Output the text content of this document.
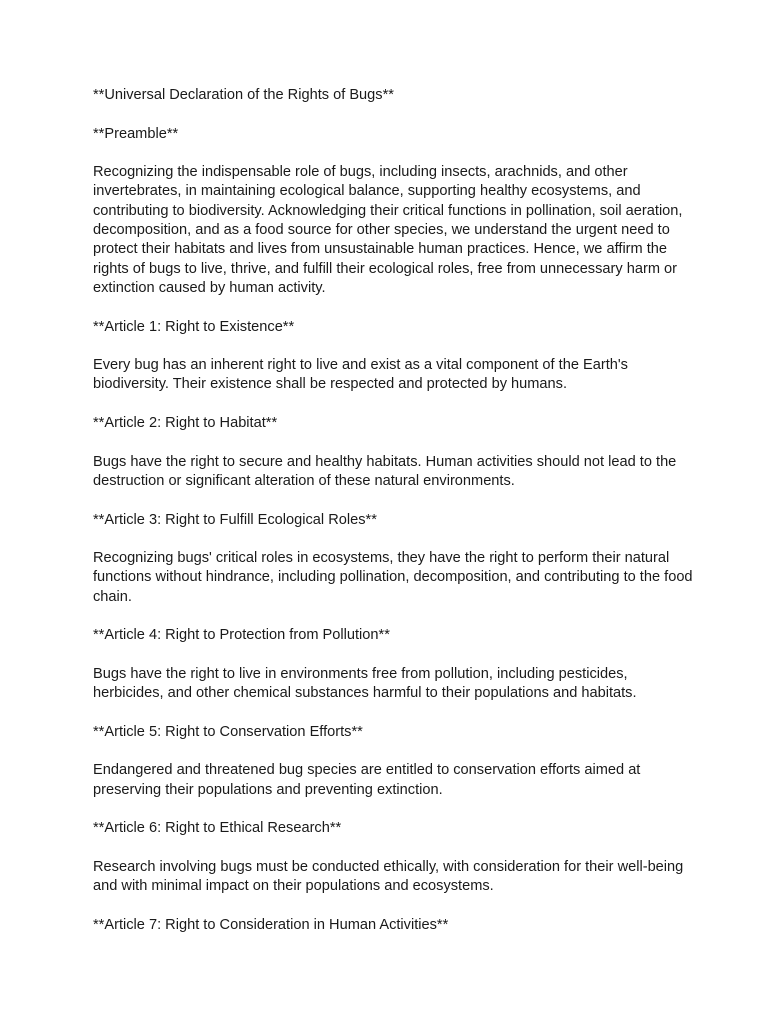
**Universal Declaration of the Rights of Bugs**

**Preamble**

Recognizing the indispensable role of bugs, including insects, arachnids, and other invertebrates, in maintaining ecological balance, supporting healthy ecosystems, and contributing to biodiversity. Acknowledging their critical functions in pollination, soil aeration, decomposition, and as a food source for other species, we understand the urgent need to protect their habitats and lives from unsustainable human practices. Hence, we affirm the rights of bugs to live, thrive, and fulfill their ecological roles, free from unnecessary harm or extinction caused by human activity.

**Article 1: Right to Existence**

Every bug has an inherent right to live and exist as a vital component of the Earth's biodiversity. Their existence shall be respected and protected by humans.

**Article 2: Right to Habitat**

Bugs have the right to secure and healthy habitats. Human activities should not lead to the destruction or significant alteration of these natural environments.

**Article 3: Right to Fulfill Ecological Roles**

Recognizing bugs' critical roles in ecosystems, they have the right to perform their natural functions without hindrance, including pollination, decomposition, and contributing to the food chain.

**Article 4: Right to Protection from Pollution**

Bugs have the right to live in environments free from pollution, including pesticides, herbicides, and other chemical substances harmful to their populations and habitats.

**Article 5: Right to Conservation Efforts**

Endangered and threatened bug species are entitled to conservation efforts aimed at preserving their populations and preventing extinction.

**Article 6: Right to Ethical Research**

Research involving bugs must be conducted ethically, with consideration for their well-being and with minimal impact on their populations and ecosystems.

**Article 7: Right to Consideration in Human Activities**
